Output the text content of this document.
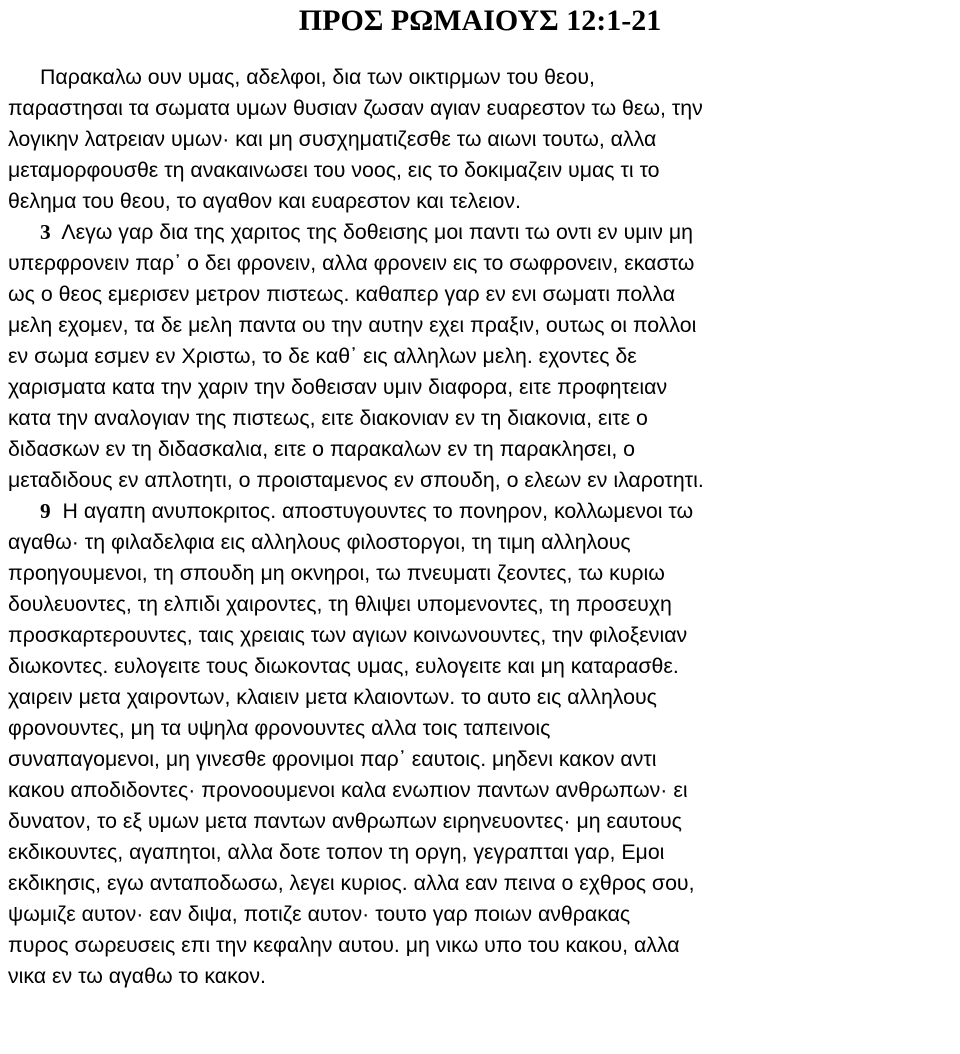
ΠΡΟΣ ΡΩΜΑΙΟΥΣ 12:1-21
Παρακαλω ουν υμας, αδελφοι, δια των οικτιρμων του θεου,
παραστησαι τα σωματα υμων θυσιαν ζωσαν αγιαν ευαρεστον τω θεω, την
λογικην λατρειαν υμων· και μη συσχηματιζεσθε τω αιωνι τουτω, αλλα
μεταμορφουσθε τη ανακαινωσει του νοος, εις το δοκιμαζειν υμας τι το
θελημα του θεου, το αγαθον και ευαρεστον και τελειον.
3 Λεγω γαρ δια της χαριτος της δοθεισης μοι παντι τω οντι εν υμιν μη
υπερφρονειν παρ᾽ ο δει φρονειν, αλλα φρονειν εις το σωφρονειν, εκαστω
ως ο θεος εμερισεν μετρον πιστεως. καθαπερ γαρ εν ενι σωματι πολλα
μελη εχομεν, τα δε μελη παντα ου την αυτην εχει πραξιν, ουτως οι πολλοι
εν σωμα εσμεν εν Χριστω, το δε καθ᾽ εις αλληλων μελη. εχοντες δε
χαρισματα κατα την χαριν την δοθεισαν υμιν διαφορα, ειτε προφητειαν
κατα την αναλογιαν της πιστεως, ειτε διακονιαν εν τη διακονια, ειτε ο
διδασκων εν τη διδασκαλια, ειτε ο παρακαλων εν τη παρακλησει, ο
μεταδιδους εν απλοτητι, ο προισταμενος εν σπουδη, ο ελεων εν ιλαροτητι.
9 Η αγαπη ανυποκριτος. αποστυγουντες το πονηρον, κολλωμενοι τω
αγαθω· τη φιλαδελφια εις αλληλους φιλοστοργοι, τη τιμη αλληλους
προηγουμενοι, τη σπουδη μη οκνηροι, τω πνευματι ζεοντες, τω κυριω
δουλευοντες, τη ελπιδι χαιροντες, τη θλιψει υπομενοντες, τη προσευχη
προσκαρτερουντες, ταις χρειαις των αγιων κοινωνουντες, την φιλοξενιαν
διωκοντες. ευλογειτε τους διωκοντας υμας, ευλογειτε και μη καταρασθε.
χαιρειν μετα χαιροντων, κλαιειν μετα κλαιοντων. το αυτο εις αλληλους
φρονουντες, μη τα υψηλα φρονουντες αλλα τοις ταπεινοις
συναπαγομενοι, μη γινεσθε φρονιμοι παρ᾽ εαυτοις. μηδενι κακον αντι
κακου αποδιδοντες· προνοουμενοι καλα ενωπιον παντων ανθρωπων· ει
δυνατον, το εξ υμων μετα παντων ανθρωπων ειρηνευοντες· μη εαυτους
εκδικουντες, αγαπητοι, αλλα δοτε τοπον τη οργη, γεγραπται γαρ, Εμοι
εκδικησις, εγω ανταποδωσω, λεγει κυριος. αλλα εαν πεινα ο εχθρος σου,
ψωμιζε αυτον· εαν διψα, ποτιζε αυτον· τουτο γαρ ποιων ανθρακας
πυρος σωρευσεις επι την κεφαλην αυτου. μη νικω υπο του κακου, αλλα
νικα εν τω αγαθω το κακον.
